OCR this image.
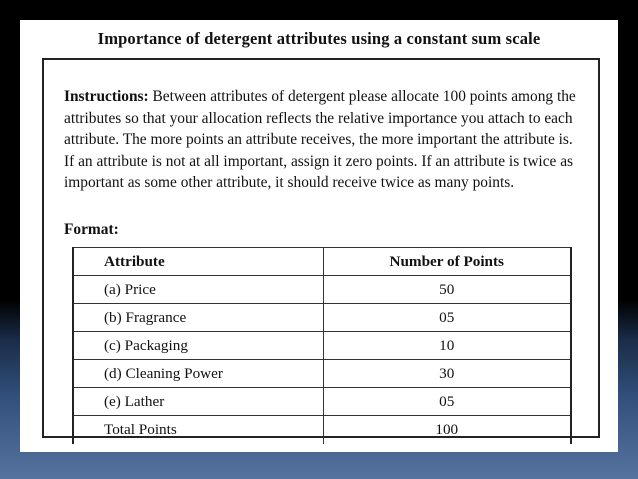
Importance of detergent attributes using a constant sum scale
Instructions: Between attributes of detergent please allocate 100 points among the attributes so that your allocation reflects the relative importance you attach to each attribute. The more points an attribute receives, the more important the attribute is. If an attribute is not at all important, assign it zero points. If an attribute is twice as important as some other attribute, it should receive twice as many points.
Format:
Attribute	Number of Points
(a) Price	50
(b) Fragrance	05
(c) Packaging	10
(d) Cleaning Power	30
(e) Lather	05
Total Points	100
